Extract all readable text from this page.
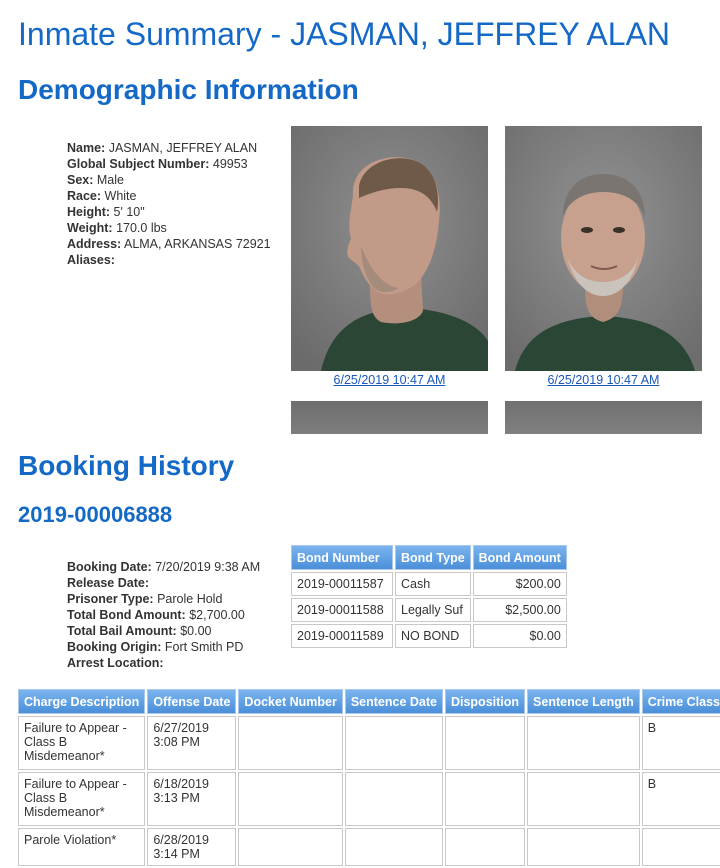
Inmate Summary - JASMAN, JEFFREY ALAN
Demographic Information
Name: JASMAN, JEFFREY ALAN
Global Subject Number: 49953
Sex: Male
Race: White
Height: 5' 10"
Weight: 170.0 lbs
Address: ALMA, ARKANSAS 72921
Aliases:
6/25/2019 10:47 AM	6/25/2019 10:47 AM
Booking History
2019-00006888
Booking Date: 7/20/2019 9:38 AM
Release Date:
Prisoner Type: Parole Hold
Total Bond Amount: $2,700.00
Total Bail Amount: $0.00
Booking Origin: Fort Smith PD
Arrest Location:
Bond Number	Bond Type	Bond Amount
2019-00011587	Cash	$200.00
2019-00011588	Legally Suf	$2,500.00
2019-00011589	NO BOND	$0.00
Charge Description	Offense Date	Docket Number	Sentence Date	Disposition	Sentence Length	Crime Class
Failure to Appear - Class B Misdemeanor*	6/27/2019 3:08 PM					B
Failure to Appear - Class B Misdemeanor*	6/18/2019 3:13 PM					B
Parole Violation*	6/28/2019 3:14 PM					
